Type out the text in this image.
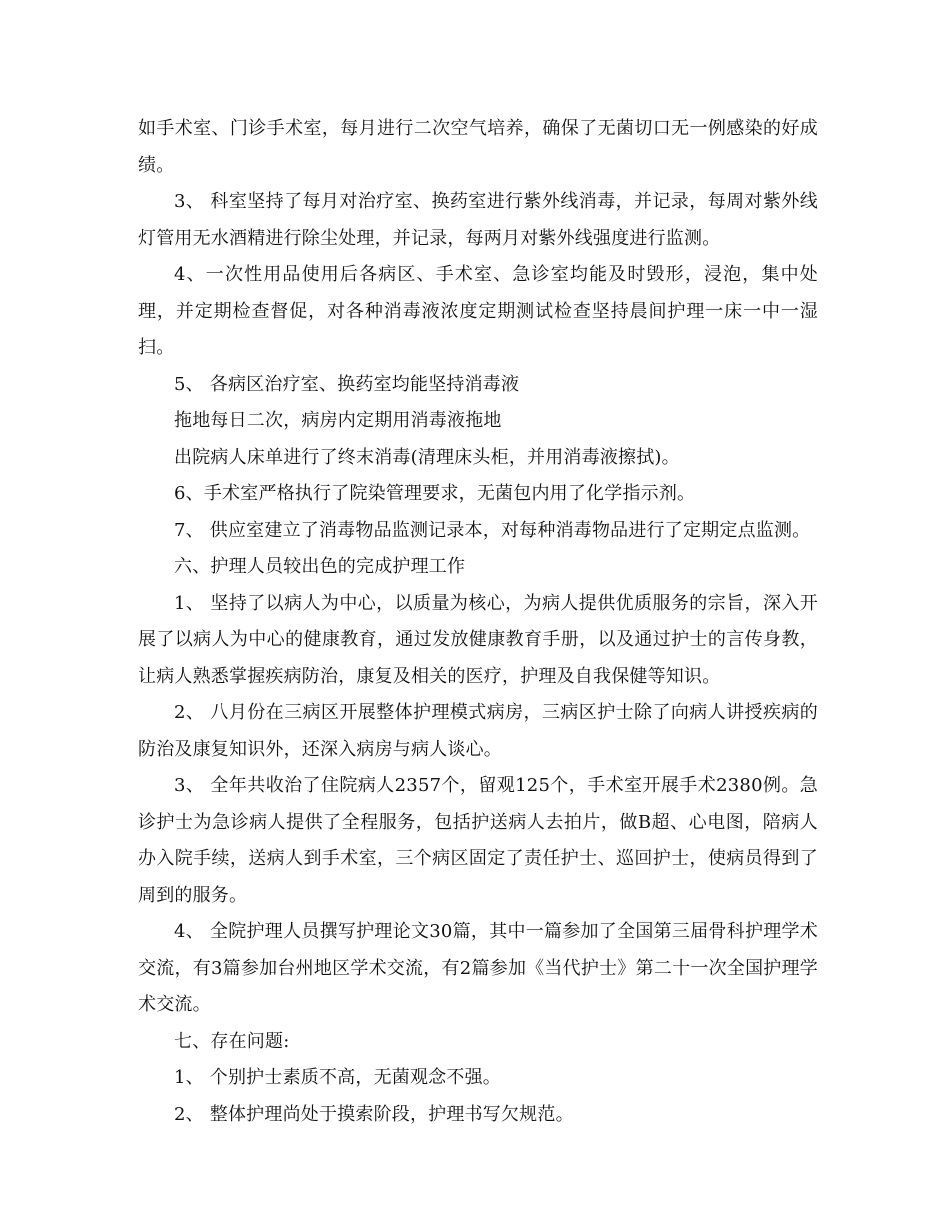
如手术室、门诊手术室，每月进行二次空气培养，确保了无菌切口无一例感染的好成绩。

3、 科室坚持了每月对治疗室、换药室进行紫外线消毒，并记录，每周对紫外线灯管用无水酒精进行除尘处理，并记录，每两月对紫外线强度进行监测。

4、一次性用品使用后各病区、手术室、急诊室均能及时毁形，浸泡，集中处理，并定期检查督促，对各种消毒液浓度定期测试检查坚持晨间护理一床一中一湿扫。

5、 各病区治疗室、换药室均能坚持消毒液

拖地每日二次，病房内定期用消毒液拖地

出院病人床单进行了终末消毒(清理床头柜，并用消毒液擦拭)。

6、手术室严格执行了院染管理要求，无菌包内用了化学指示剂。

7、 供应室建立了消毒物品监测记录本，对每种消毒物品进行了定期定点监测。

六、护理人员较出色的完成护理工作

1、 坚持了以病人为中心，以质量为核心，为病人提供优质服务的宗旨，深入开展了以病人为中心的健康教育，通过发放健康教育手册，以及通过护士的言传身教，让病人熟悉掌握疾病防治，康复及相关的医疗，护理及自我保健等知识。

2、 八月份在三病区开展整体护理模式病房，三病区护士除了向病人讲授疾病的防治及康复知识外，还深入病房与病人谈心。

3、 全年共收治了住院病人2357个，留观125个，手术室开展手术2380例。急诊护士为急诊病人提供了全程服务，包括护送病人去拍片，做B超、心电图，陪病人办入院手续，送病人到手术室，三个病区固定了责任护士、巡回护士，使病员得到了周到的服务。

4、 全院护理人员撰写护理论文30篇，其中一篇参加了全国第三届骨科护理学术交流，有3篇参加台州地区学术交流，有2篇参加《当代护士》第二十一次全国护理学术交流。

七、存在问题:

1、 个别护士素质不高，无菌观念不强。

2、 整体护理尚处于摸索阶段，护理书写欠规范。
